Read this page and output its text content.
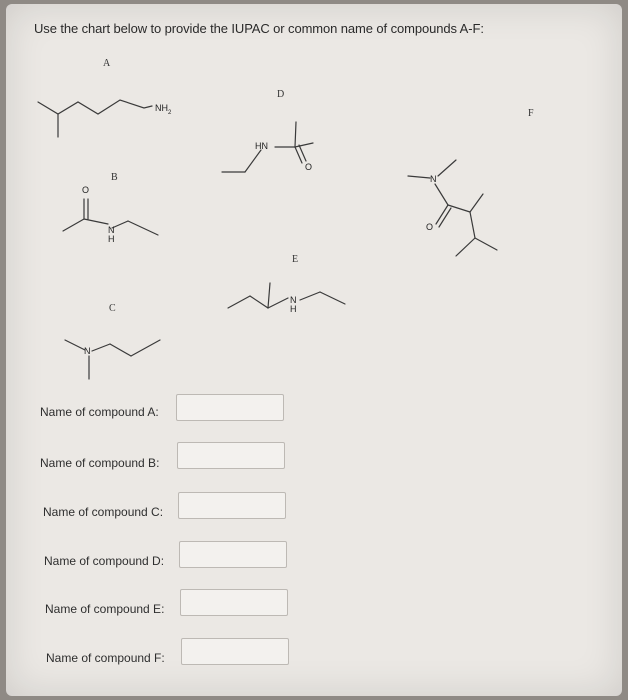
Use the chart below to provide the IUPAC or common name of compounds A-F:
A
$NH_2$
B
O
N
H
C
N
D
HN
O
E
N
H
F
N
O
Name of compound A:
Name of compound B:
Name of compound C:
Name of compound D:
Name of compound E:
Name of compound F:
